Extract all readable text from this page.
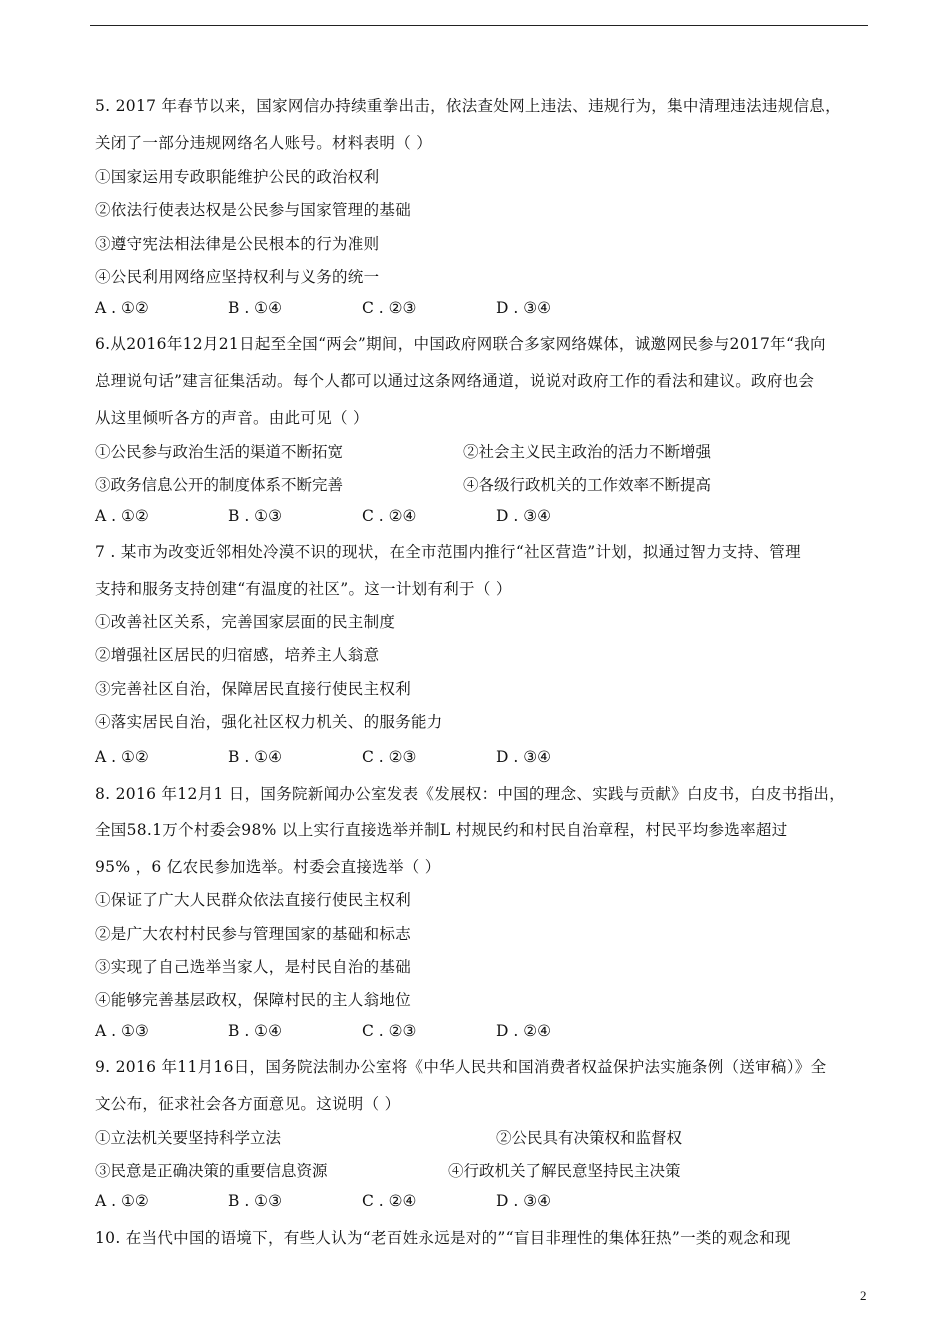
5. 2017 年春节以来，国家网信办持续重拳出击，依法查处网上违法、违规行为，集中清理违法违规信息，
关闭了一部分违规网络名人账号。材料表明（ ）
①国家运用专政职能维护公民的政治权利
②依法行使表达权是公民参与国家管理的基础
③遵守宪法相法律是公民根本的行为准则
④公民利用网络应坚持权利与义务的统一
A . ①②	B . ①④	C . ②③	D . ③④
6.从2016年12月21日起至全国“两会”期间，中国政府网联合多家网络媒体，诚邀网民参与2017年“我向
总理说句话”建言征集活动。每个人都可以通过这条网络通道，说说对政府工作的看法和建议。政府也会
从这里倾听各方的声音。由此可见（ ）
①公民参与政治生活的渠道不断拓宽	②社会主义民主政治的活力不断增强
③政务信息公开的制度体系不断完善	④各级行政机关的工作效率不断提高
A . ①②	B . ①③	C . ②④	D . ③④
7 . 某市为改变近邻相处冷漠不识的现状，在全市范围内推行“社区营造”计划，拟通过智力支持、管理
支持和服务支持创建“有温度的社区”。这一计划有利于（ ）
①改善社区关系，完善国家层面的民主制度
②增强社区居民的归宿感，培养主人翁意
③完善社区自治，保障居民直接行使民主权利
④落实居民自治，强化社区权力机关、的服务能力
A . ①②	B . ①④	C . ②③	D . ③④
8. 2016 年12月1 日，国务院新闻办公室发表《发展权：中国的理念、实践与贡献》白皮书，白皮书指出，
全国58.1万个村委会98% 以上实行直接选举并制L 村规民约和村民自治章程，村民平均参选率超过
95% ，6 亿农民参加选举。村委会直接选举（ ）
①保证了广大人民群众依法直接行使民主权利
②是广大农村村民参与管理国家的基础和标志
③实现了自己选举当家人，是村民自治的基础
④能够完善基层政权，保障村民的主人翁地位
A . ①③	B . ①④	C . ②③	D . ②④
9. 2016 年11月16日，国务院法制办公室将《中华人民共和国消费者权益保护法实施条例（送审稿）》全
文公布，征求社会各方面意见。这说明（ ）
①立法机关要坚持科学立法	②公民具有决策权和监督权
③民意是正确决策的重要信息资源	④行政机关了解民意坚持民主决策
A . ①②	B . ①③	C . ②④	D . ③④
10. 在当代中国的语境下，有些人认为“老百姓永远是对的”“盲目非理性的集体狂热”一类的观念和现
2
